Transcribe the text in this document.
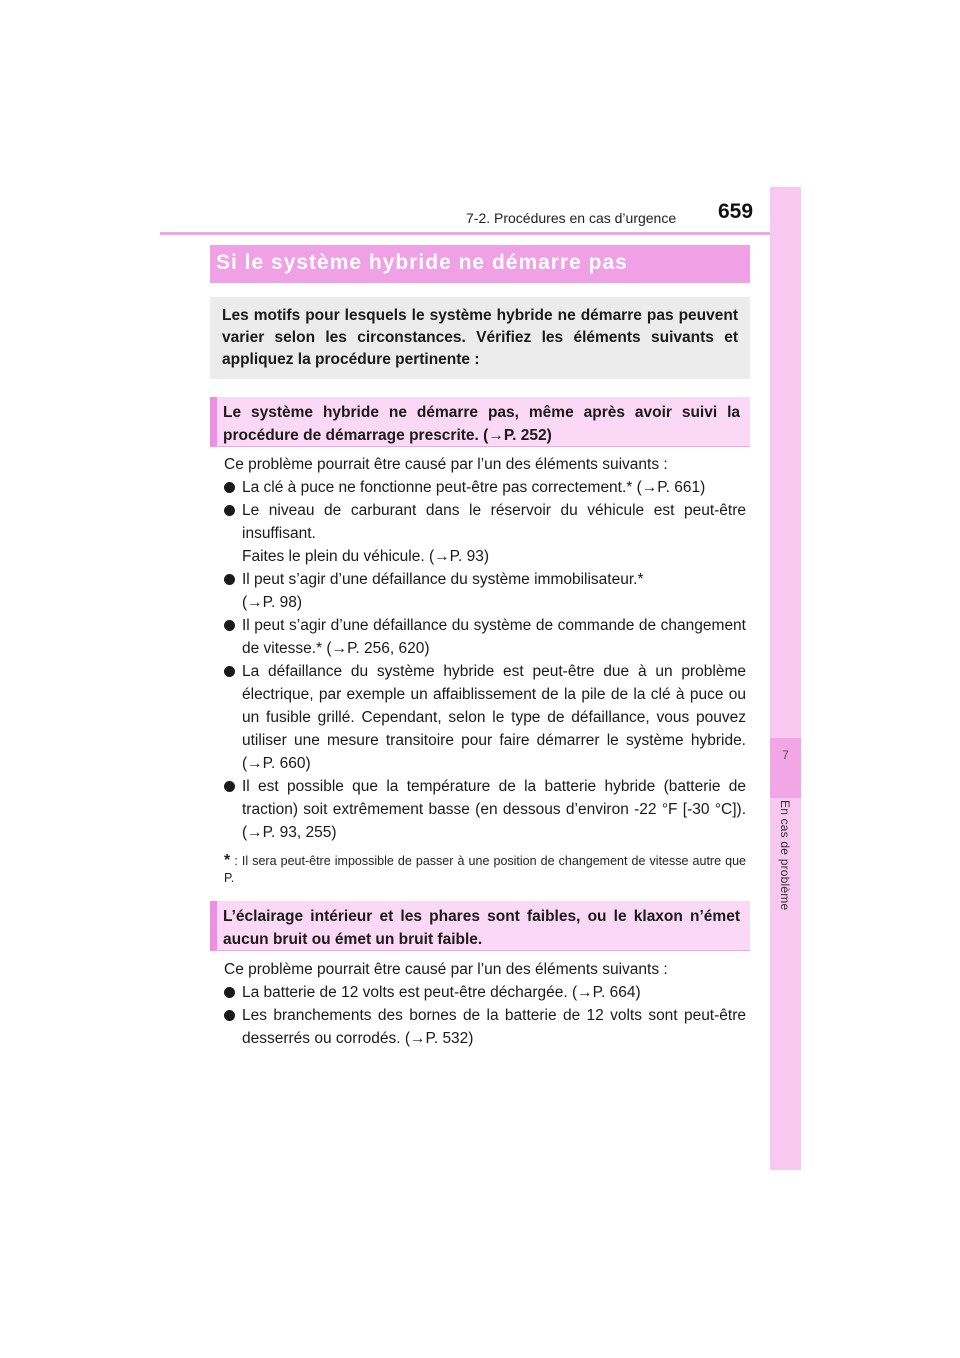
7-2. Procédures en cas d’urgence 659
7
En cas de problème
Si le système hybride ne démarre pas
Les motifs pour lesquels le système hybride ne démarre pas peuvent varier selon les circonstances. Vérifiez les éléments suivants et appliquez la procédure pertinente :
Le système hybride ne démarre pas, même après avoir suivi la procédure de démarrage prescrite. (→P. 252)
Ce problème pourrait être causé par l’un des éléments suivants :
La clé à puce ne fonctionne peut-être pas correctement.* (→P. 661)
Le niveau de carburant dans le réservoir du véhicule est peut-être insuffisant.
Faites le plein du véhicule. (→P. 93)
Il peut s’agir d’une défaillance du système immobilisateur.*
(→P. 98)
Il peut s’agir d’une défaillance du système de commande de changement de vitesse.* (→P. 256, 620)
La défaillance du système hybride est peut-être due à un problème électrique, par exemple un affaiblissement de la pile de la clé à puce ou un fusible grillé. Cependant, selon le type de défaillance, vous pouvez utiliser une mesure transitoire pour faire démarrer le système hybride. (→P. 660)
Il est possible que la température de la batterie hybride (batterie de traction) soit extrêmement basse (en dessous d’environ -22 °F [-30 °C]). (→P. 93, 255)
* : Il sera peut-être impossible de passer à une position de changement de vitesse autre que P.
L’éclairage intérieur et les phares sont faibles, ou le klaxon n’émet aucun bruit ou émet un bruit faible.
Ce problème pourrait être causé par l’un des éléments suivants :
La batterie de 12 volts est peut-être déchargée. (→P. 664)
Les branchements des bornes de la batterie de 12 volts sont peut-être desserrés ou corrodés. (→P. 532)
